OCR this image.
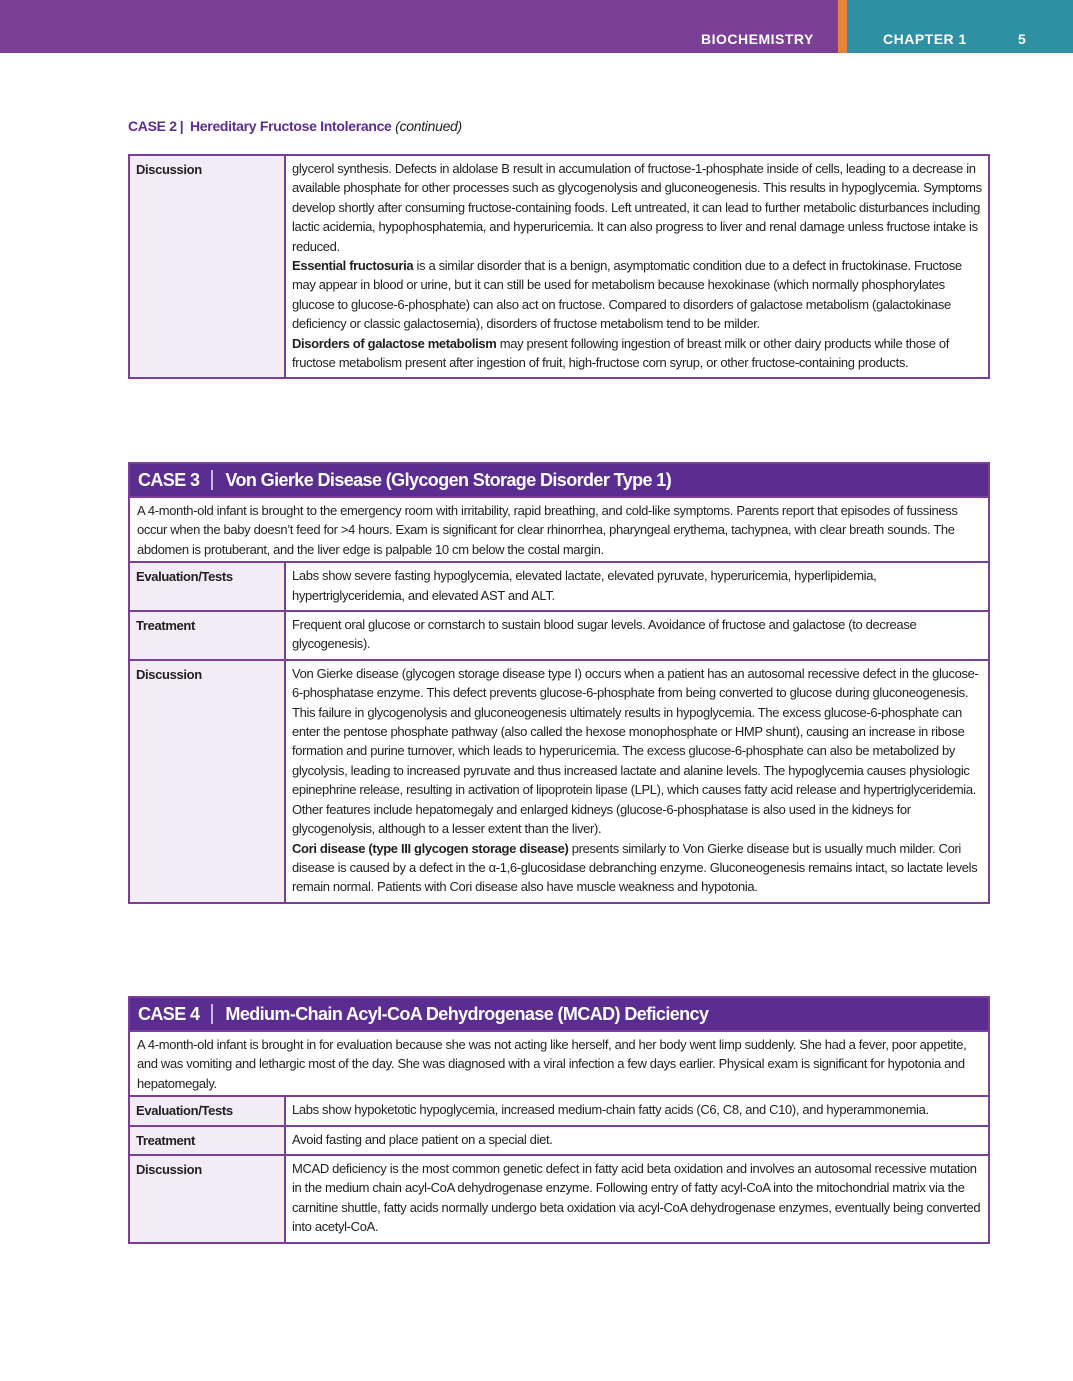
BIOCHEMISTRY	CHAPTER 1	5
CASE 2 | Hereditary Fructose Intolerance (continued)
Discussion	glycerol synthesis. Defects in aldolase B result in accumulation of fructose-1-phosphate inside of cells, leading to a decrease in available phosphate for other processes such as glycogenolysis and gluconeogenesis. This results in hypoglycemia. Symptoms develop shortly after consuming fructose-containing foods. Left untreated, it can lead to further metabolic disturbances including lactic acidemia, hypophosphatemia, and hyperuricemia. It can also progress to liver and renal damage unless fructose intake is reduced.
Essential fructosuria is a similar disorder that is a benign, asymptomatic condition due to a defect in fructokinase. Fructose may appear in blood or urine, but it can still be used for metabolism because hexokinase (which normally phosphorylates glucose to glucose-6-phosphate) can also act on fructose. Compared to disorders of galactose metabolism (galactokinase deficiency or classic galactosemia), disorders of fructose metabolism tend to be milder.
Disorders of galactose metabolism may present following ingestion of breast milk or other dairy products while those of fructose metabolism present after ingestion of fruit, high-fructose corn syrup, or other fructose-containing products.
CASE 3 Von Gierke Disease (Glycogen Storage Disorder Type 1)	
A 4-month-old infant is brought to the emergency room with irritability, rapid breathing, and cold-like symptoms. Parents report that episodes of fussiness occur when the baby doesn’t feed for >4 hours. Exam is significant for clear rhinorrhea, pharyngeal erythema, tachypnea, with clear breath sounds. The abdomen is protuberant, and the liver edge is palpable 10 cm below the costal margin.	
Evaluation/Tests	Labs show severe fasting hypoglycemia, elevated lactate, elevated pyruvate, hyperuricemia, hyperlipidemia, hypertriglyceridemia, and elevated AST and ALT.
Treatment	Frequent oral glucose or cornstarch to sustain blood sugar levels. Avoidance of fructose and galactose (to decrease glycogenesis).
Discussion	Von Gierke disease (glycogen storage disease type I) occurs when a patient has an autosomal recessive defect in the glucose-6-phosphatase enzyme. This defect prevents glucose-6-phosphate from being converted to glucose during gluconeogenesis. This failure in glycogenolysis and gluconeogenesis ultimately results in hypoglycemia. The excess glucose-6-phosphate can enter the pentose phosphate pathway (also called the hexose monophosphate or HMP shunt), causing an increase in ribose formation and purine turnover, which leads to hyperuricemia. The excess glucose-6-phosphate can also be metabolized by glycolysis, leading to increased pyruvate and thus increased lactate and alanine levels. The hypoglycemia causes physiologic epinephrine release, resulting in activation of lipoprotein lipase (LPL), which causes fatty acid release and hypertriglyceridemia. Other features include hepatomegaly and enlarged kidneys (glucose-6-phosphatase is also used in the kidneys for glycogenolysis, although to a lesser extent than the liver).
Cori disease (type III glycogen storage disease) presents similarly to Von Gierke disease but is usually much milder. Cori disease is caused by a defect in the α-1,6-glucosidase debranching enzyme. Gluconeogenesis remains intact, so lactate levels remain normal. Patients with Cori disease also have muscle weakness and hypotonia.
CASE 4 Medium-Chain Acyl-CoA Dehydrogenase (MCAD) Deficiency	
A 4-month-old infant is brought in for evaluation because she was not acting like herself, and her body went limp suddenly. She had a fever, poor appetite, and was vomiting and lethargic most of the day. She was diagnosed with a viral infection a few days earlier. Physical exam is significant for hypotonia and hepatomegaly.	
Evaluation/Tests	Labs show hypoketotic hypoglycemia, increased medium-chain fatty acids (C6, C8, and C10), and hyperammonemia.
Treatment	Avoid fasting and place patient on a special diet.
Discussion	MCAD deficiency is the most common genetic defect in fatty acid beta oxidation and involves an autosomal recessive mutation in the medium chain acyl-CoA dehydrogenase enzyme. Following entry of fatty acyl-CoA into the mitochondrial matrix via the carnitine shuttle, fatty acids normally undergo beta oxidation via acyl-CoA dehydrogenase enzymes, eventually being converted into acetyl-CoA.
